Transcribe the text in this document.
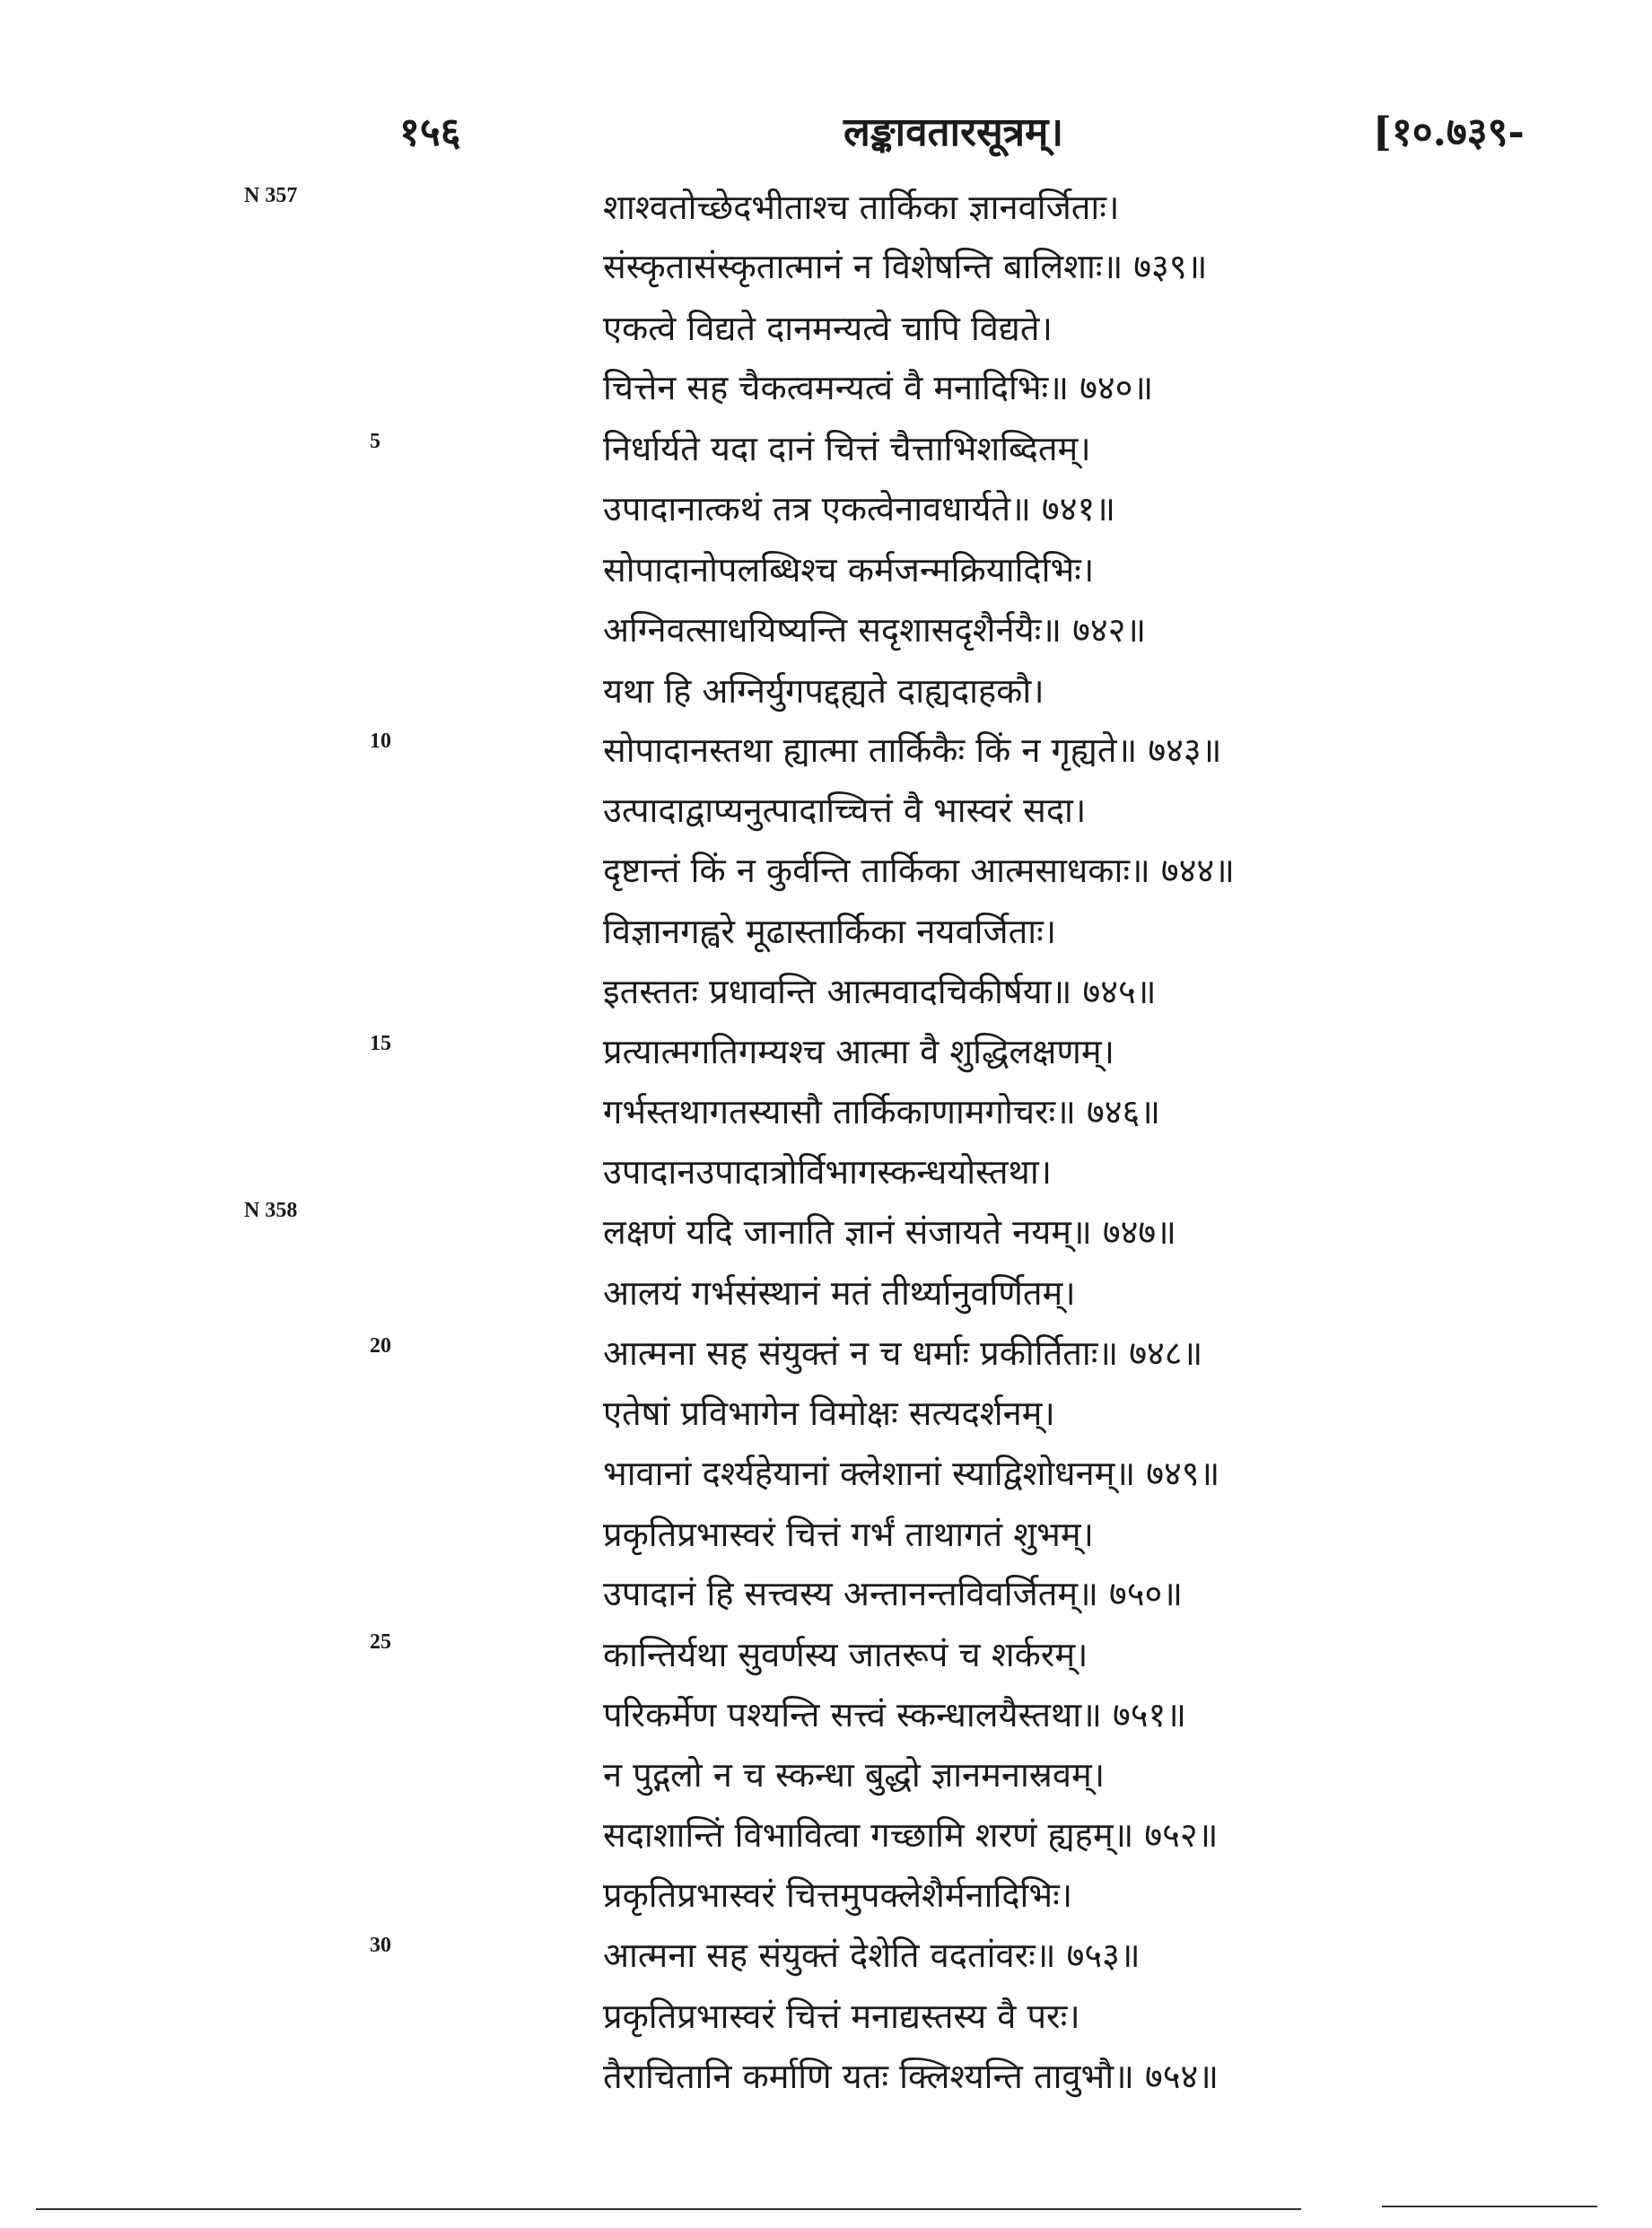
१५६	लङ्कावतारसूत्रम्।	[१०.७३९-
N 357
N 358
5
10
15
20
25
30
शाश्वतोच्छेदभीताश्च तार्किका ज्ञानवर्जिताः।
संस्कृतासंस्कृतात्मानं न विशेषन्ति बालिशाः॥ ७३९॥
एकत्वे विद्यते दानमन्यत्वे चापि विद्यते।
चित्तेन सह चैकत्वमन्यत्वं वै मनादिभिः॥ ७४०॥
निर्धार्यते यदा दानं चित्तं चैत्ताभिशब्दितम्।
उपादानात्कथं तत्र एकत्वेनावधार्यते॥ ७४१॥
सोपादानोपलब्धिश्च कर्मजन्मक्रियादिभिः।
अग्निवत्साधयिष्यन्ति सदृशासदृशैर्नयैः॥ ७४२॥
यथा हि अग्निर्युगपद्दह्यते दाह्यदाहकौ।
सोपादानस्तथा ह्यात्मा तार्किकैः किं न गृह्यते॥ ७४३॥
उत्पादाद्वाप्यनुत्पादाच्चित्तं वै भास्वरं सदा।
दृष्टान्तं किं न कुर्वन्ति तार्किका आत्मसाधकाः॥ ७४४॥
विज्ञानगह्वरे मूढास्तार्किका नयवर्जिताः।
इतस्ततः प्रधावन्ति आत्मवादचिकीर्षया॥ ७४५॥
प्रत्यात्मगतिगम्यश्च आत्मा वै शुद्धिलक्षणम्।
गर्भस्तथागतस्यासौ तार्किकाणामगोचरः॥ ७४६॥
उपादानउपादात्रोर्विभागस्कन्धयोस्तथा।
लक्षणं यदि जानाति ज्ञानं संजायते नयम्॥ ७४७॥
आलयं गर्भसंस्थानं मतं तीर्थ्यानुवर्णितम्।
आत्मना सह संयुक्तं न च धर्माः प्रकीर्तिताः॥ ७४८॥
एतेषां प्रविभागेन विमोक्षः सत्यदर्शनम्।
भावानां दर्श्यहेयानां क्लेशानां स्याद्विशोधनम्॥ ७४९॥
प्रकृतिप्रभास्वरं चित्तं गर्भं ताथागतं शुभम्।
उपादानं हि सत्त्वस्य अन्तानन्तविवर्जितम्॥ ७५०॥
कान्तिर्यथा सुवर्णस्य जातरूपं च शर्करम्।
परिकर्मेण पश्यन्ति सत्त्वं स्कन्धालयैस्तथा॥ ७५१॥
न पुद्गलो न च स्कन्धा बुद्धो ज्ञानमनास्रवम्।
सदाशान्तिं विभावित्वा गच्छामि शरणं ह्यहम्॥ ७५२॥
प्रकृतिप्रभास्वरं चित्तमुपक्लेशैर्मनादिभिः।
आत्मना सह संयुक्तं देशेति वदतांवरः॥ ७५३॥
प्रकृतिप्रभास्वरं चित्तं मनाद्यस्तस्य वै परः।
तैराचितानि कर्माणि यतः क्लिश्यन्ति तावुभौ॥ ७५४॥
